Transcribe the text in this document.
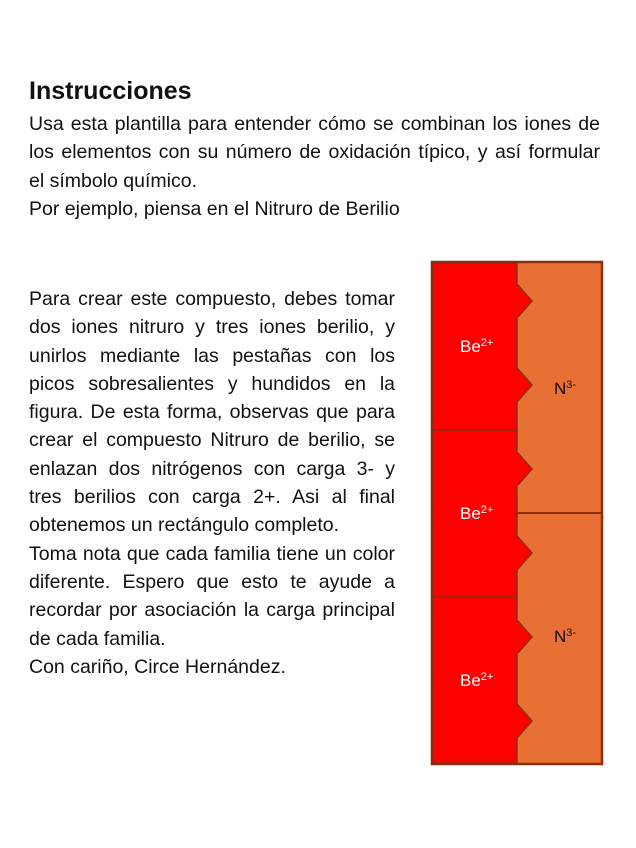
Instrucciones

Usa esta plantilla para entender cómo se combinan los iones de los elementos con su número de oxidación típico, y así formular el símbolo químico.

Por ejemplo, piensa en el Nitruro de Berilio

Para crear este compuesto, debes tomar dos iones nitruro y tres iones berilio, y unirlos mediante las pestañas con los picos sobresalientes y hundidos en la figura. De esta forma, observas que para crear el compuesto Nitruro de berilio, se enlazan dos nitrógenos con carga 3- y tres berilios con carga 2+. Asi al final obtenemos un rectángulo completo.

Toma nota que cada familia tiene un color diferente. Espero que esto te ayude a recordar por asociación la carga principal de cada familia.

Con cariño, Circe Hernández.

$Be^{2+}$
$Be^{2+}$
$Be^{2+}$
$N^{3-}$
$N^{3-}$
